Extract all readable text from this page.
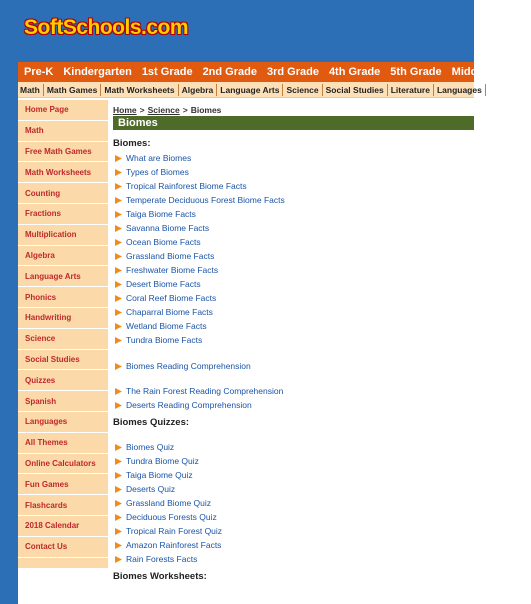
SoftSchools.com
Pre-K Kindergarten 1st Grade 2nd Grade 3rd Grade 4th Grade 5th Grade Middle School
Math Math Games Math Worksheets Algebra Language Arts Science Social Studies Literature Languages
Home Page
Math
Free Math Games
Math Worksheets
Counting
Fractions
Multiplication
Algebra
Language Arts
Phonics
Handwriting
Science
Social Studies
Quizzes
Spanish
Languages
All Themes
Online Calculators
Fun Games
Flashcards
2018 Calendar
Contact Us
Home > Science > Biomes
Biomes
Biomes:
What are Biomes
Types of Biomes
Tropical Rainforest Biome Facts
Temperate Deciduous Forest Biome Facts
Taiga Biome Facts
Savanna Biome Facts
Ocean Biome Facts
Grassland Biome Facts
Freshwater Biome Facts
Desert Biome Facts
Coral Reef Biome Facts
Chaparral Biome Facts
Wetland Biome Facts
Tundra Biome Facts
Biomes Reading Comprehension
The Rain Forest Reading Comprehension
Deserts Reading Comprehension
Biomes Quizzes:
Biomes Quiz
Tundra Biome Quiz
Taiga Biome Quiz
Deserts Quiz
Grassland Biome Quiz
Deciduous Forests Quiz
Tropical Rain Forest Quiz
Amazon Rainforest Facts
Rain Forests Facts
Biomes Worksheets:
